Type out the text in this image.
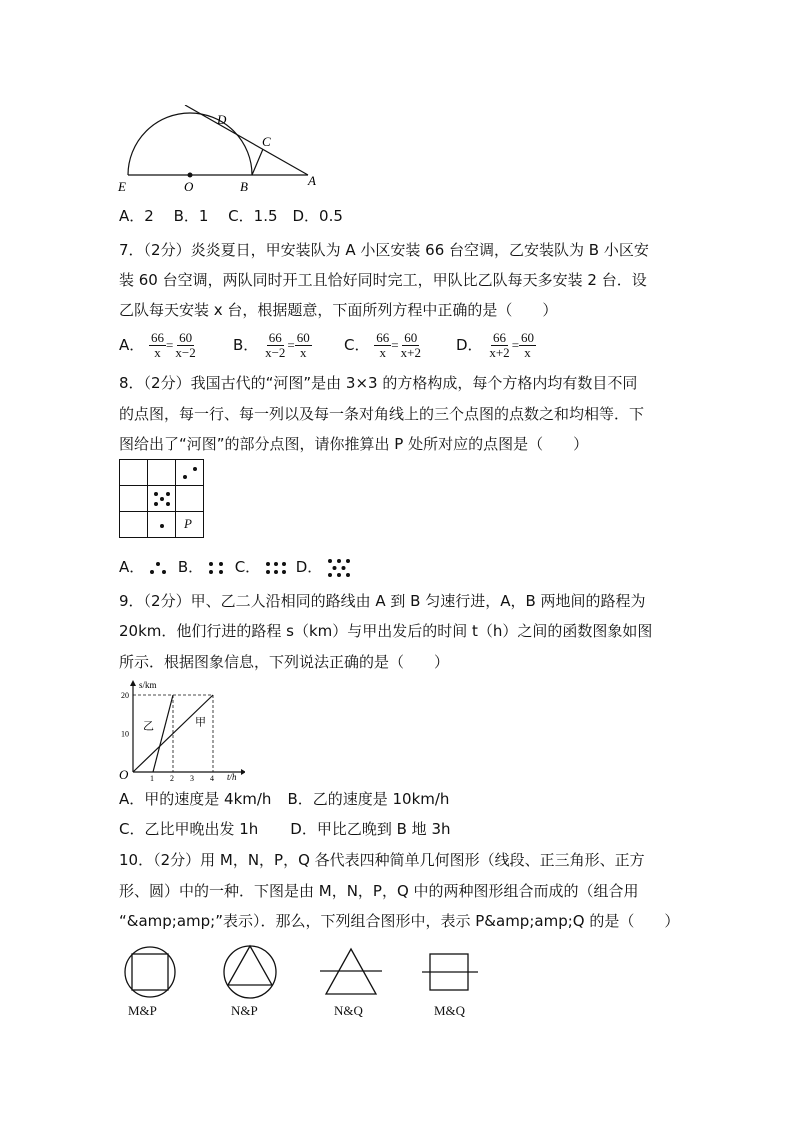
D
C
E	O	B	A
A．2　 B．1　 C．1.5　D．0.5
7．（2分）炎炎夏日，甲安装队为 A 小区安装 66 台空调，乙安装队为 B 小区安
装 60 台空调，两队同时开工且恰好同时完工，甲队比乙队每天多安装 2 台．设
乙队每天安装 x 台，根据题意，下面所列方程中正确的是（　　）
A． $\frac{66}{x} = \frac{60}{x-2}$ B． $\frac{66}{x-2} = \frac{60}{x}$ C． $\frac{66}{x} = \frac{60}{x+2}$ D． $\frac{66}{x+2} = \frac{60}{x}$
8．（2分）我国古代的“河图”是由 3×3 的方格构成，每个方格内均有数目不同
的点图，每一行、每一列以及每一条对角线上的三个点图的点数之和均相等．下
图给出了“河图”的部分点图，请你推算出 P 处所对应的点图是（　　）

		P
A． B． C． D．
9．（2分）甲、乙二人沿相同的路线由 A 到 B 匀速行进，A，B 两地间的路程为
20km．他们行进的路程 s（km）与甲出发后的时间 t（h）之间的函数图象如图
所示．根据图象信息，下列说法正确的是（　　）
s/km
t/h
甲
乙
O	1 2 3 4
10
20
A．甲的速度是 4km/h B．乙的速度是 10km/h
C．乙比甲晚出发 1h D．甲比乙晚到 B 地 3h
10．（2分）用 M，N，P，Q 各代表四种简单几何图形（线段、正三角形、正方
形、圆）中的一种．下图是由 M，N，P，Q 中的两种图形组合而成的（组合用
“&amp;amp;”表示）．那么，下列组合图形中，表示 P&amp;amp;Q 的是（　　）
M&P	N&P	N&Q	M&Q
